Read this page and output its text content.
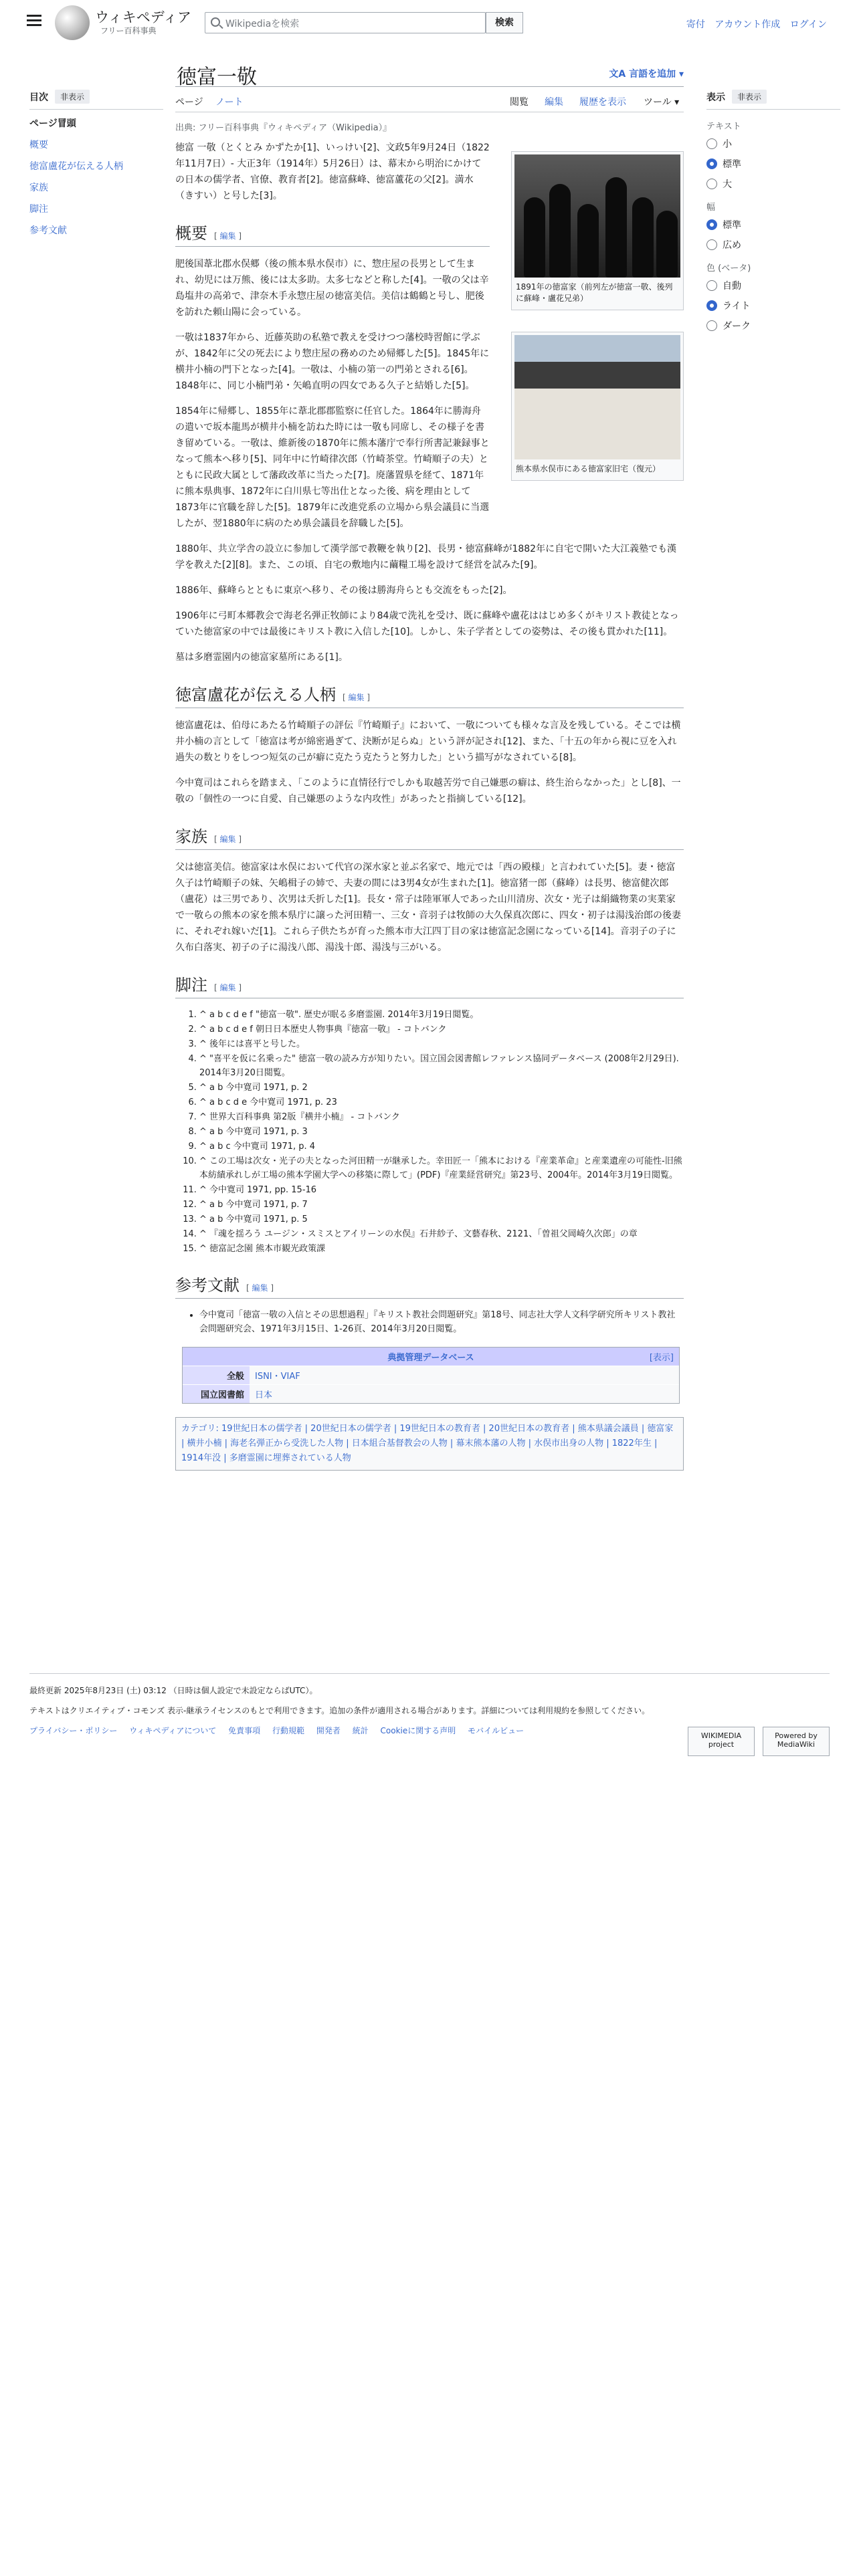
ウィキペディア
フリー百科事典
Wikipediaを検索	検索	寄付 アカウント作成 ログイン
目次	非表示
ページ冒頭
概要
徳富盧花が伝える人柄
家族
脚注
参考文献
徳富一敬	文A 言語を追加 ▾
ページ ノート	閲覧 編集 履歴を表示 ツール ▾
出典: フリー百科事典『ウィキペディア（Wikipedia）』
1891年の徳富家（前列左が徳富一敬、後列に蘇峰・盧花兄弟）
熊本県水俣市にある徳富家旧宅（復元）

徳富 一敬（とくとみ かずたか[1]、いっけい[2]、文政5年9月24日（1822年11月7日）- 大正3年（1914年）5月26日）は、幕末から明治にかけての日本の儒学者、官僚、教育者[2]。徳富蘇峰、徳富蘆花の父[2]。満水（きすい）と号した[3]。

概要 [ 編集 ]

肥後国葦北郡水俣郷（後の熊本県水俣市）に、惣庄屋の長男として生まれ、幼児には万熊、後には太多助。太多七などと称した[4]。一敬の父は辛島塩井の高弟で、津奈木手永惣庄屋の徳富美信。美信は鶴鶴と号し、肥後を訪れた頼山陽に会っている。

一敬は1837年から、近藤英助の私塾で教えを受けつつ藩校時習館に学ぶが、1842年に父の死去により惣庄屋の務めのため帰郷した[5]。1845年に横井小楠の門下となった[4]。一敬は、小楠の第一の門弟とされる[6]。1848年に、同じ小楠門弟・矢嶋直明の四女である久子と結婚した[5]。

1854年に帰郷し、1855年に葦北郡郡監察に任官した。1864年に勝海舟の遣いで坂本龍馬が横井小楠を訪ねた時には一敬も同席し、その様子を書き留めている。一敬は、維新後の1870年に熊本藩庁で奉行所書記兼録事となって熊本へ移り[5]、同年中に竹崎律次郎（竹崎茶堂。竹崎順子の夫）とともに民政大属として藩政改革に当たった[7]。廃藩置県を経て、1871年に熊本県典事、1872年に白川県七等出仕となった後、病を理由として1873年に官職を辞した[5]。1879年に改進党系の立場から県会議員に当選したが、翌1880年に病のため県会議員を辞職した[5]。

1880年、共立学舎の設立に参加して漢学部で教鞭を執り[2]、長男・徳富蘇峰が1882年に自宅で開いた大江義塾でも漢学を教えた[2][8]。また、この頃、自宅の敷地内に繭糧工場を設けて経営を試みた[9]。

1886年、蘇峰らとともに東京へ移り、その後は勝海舟らとも交流をもった[2]。

1906年に弓町本郷教会で海老名弾正牧師により84歳で洗礼を受け、既に蘇峰や盧花ははじめ多くがキリスト教徒となっていた徳富家の中では最後にキリスト教に入信した[10]。しかし、朱子学者としての姿勢は、その後も貫かれた[11]。

墓は多磨霊園内の徳富家墓所にある[1]。

徳富盧花が伝える人柄 [ 編集 ]

徳富盧花は、伯母にあたる竹崎順子の評伝『竹崎順子』において、一敬についても様々な言及を残している。そこでは横井小楠の言として「徳富は考が綿密過ぎて、決断が足らぬ」という評が記され[12]、また、「十五の年から視に豆を入れ過失の数とりをしつつ短気の己が癖に克たう克たうと努力した」という描写がなされている[8]。

今中寛司はこれらを踏まえ、「このように直情径行でしかも取越苦労で自己嫌悪の癖は、終生治らなかった」とし[8]、一敬の「個性の一つに自愛、自己嫌悪のような内攻性」があったと指摘している[12]。

家族 [ 編集 ]

父は徳富美信。徳富家は水俣において代官の深水家と並ぶ名家で、地元では「西の殿様」と言われていた[5]。妻・徳富久子は竹崎順子の妹、矢嶋楫子の姉で、夫妻の間には3男4女が生まれた[1]。徳富猪一郎（蘇峰）は長男、徳富健次郎（盧花）は三男であり、次男は夭折した[1]。長女・常子は陸軍軍人であった山川清房、次女・光子は絹織物業の実業家で一敬らの熊本の家を熊本県庁に譲った河田精一、三女・音羽子は牧師の大久保真次郎に、四女・初子は湯浅治郎の後妻に、それぞれ嫁いだ[1]。これら子供たちが育った熊本市大江四丁目の家は徳富記念園になっている[14]。音羽子の子に久布白落実、初子の子に湯浅八郎、湯浅十郎、湯浅与三がいる。

脚注 [ 編集 ]
1. ^ a b c d e f "徳富一敬". 歴史が眠る多磨霊園. 2014年3月19日閲覧。
2. ^ a b c d e f 朝日日本歴史人物事典『徳富一敬』 - コトバンク
3. ^ 後年には喜平と号した。
4. ^ "喜平を仮に名乗った" 徳富一敬の読み方が知りたい。国立国会図書館レファレンス協同データベース (2008年2月29日). 2014年3月20日閲覧。
5. ^ a b 今中寛司 1971, p. 2
6. ^ a b c d e 今中寛司 1971, p. 23
7. ^ 世界大百科事典 第2版『横井小楠』 - コトバンク
8. ^ a b 今中寛司 1971, p. 3
9. ^ a b c 今中寛司 1971, p. 4
10. ^ この工場は次女・光子の夫となった河田精一が継承した。幸田匠一「熊本における『産業革命』と産業遺産の可能性-旧熊本紡績承れしが工場の熊本学園大学への移築に際して」(PDF)『産業経営研究』第23号、2004年。2014年3月19日閲覧。
11. ^ 今中寛司 1971, pp. 15-16
12. ^ a b 今中寛司 1971, p. 7
13. ^ a b 今中寛司 1971, p. 5
14. ^ 『魂を揺ろう ユージン・スミスとアイリーンの水俣』石井紗子、文藝春秋、2121、「曽祖父岡崎久次郎」の章
15. ^ 徳富記念園 熊本市観光政策課
参考文献 [ 編集 ]
• 今中寛司「徳富一敬の入信とその思想過程」『キリスト教社会問題研究』第18号、同志社大学人文科学研究所キリスト教社会問題研究会、1971年3月15日、1-26頁、2014年3月20日閲覧。
典拠管理データベース	[表示]
全般	ISNI・VIAF
国立図書館	日本
カテゴリ: 19世紀日本の儒学者 | 20世紀日本の儒学者 | 19世紀日本の教育者 | 20世紀日本の教育者 | 熊本県議会議員 | 徳富家 | 横井小楠 | 海老名弾正から受洗した人物 | 日本組合基督教会の人物 | 幕末熊本藩の人物 | 水俣市出身の人物 | 1822年生 | 1914年没 | 多磨霊園に埋葬されている人物
表示	非表示
テキスト
小
標準
大
幅
標準
広め
色 (ベータ)
自動
ライト
ダーク
最終更新 2025年8月23日 (土) 03:12 （日時は個人設定で未設定ならばUTC）。
テキストはクリエイティブ・コモンズ 表示-継承ライセンスのもとで利用できます。追加の条件が適用される場合があります。詳細については利用規約を参照してください。
プライバシー・ポリシー ウィキペディアについて 免責事項 行動規範 開発者 統計 Cookieに関する声明 モバイルビュー
WIKIMEDIA project
Powered by MediaWiki
